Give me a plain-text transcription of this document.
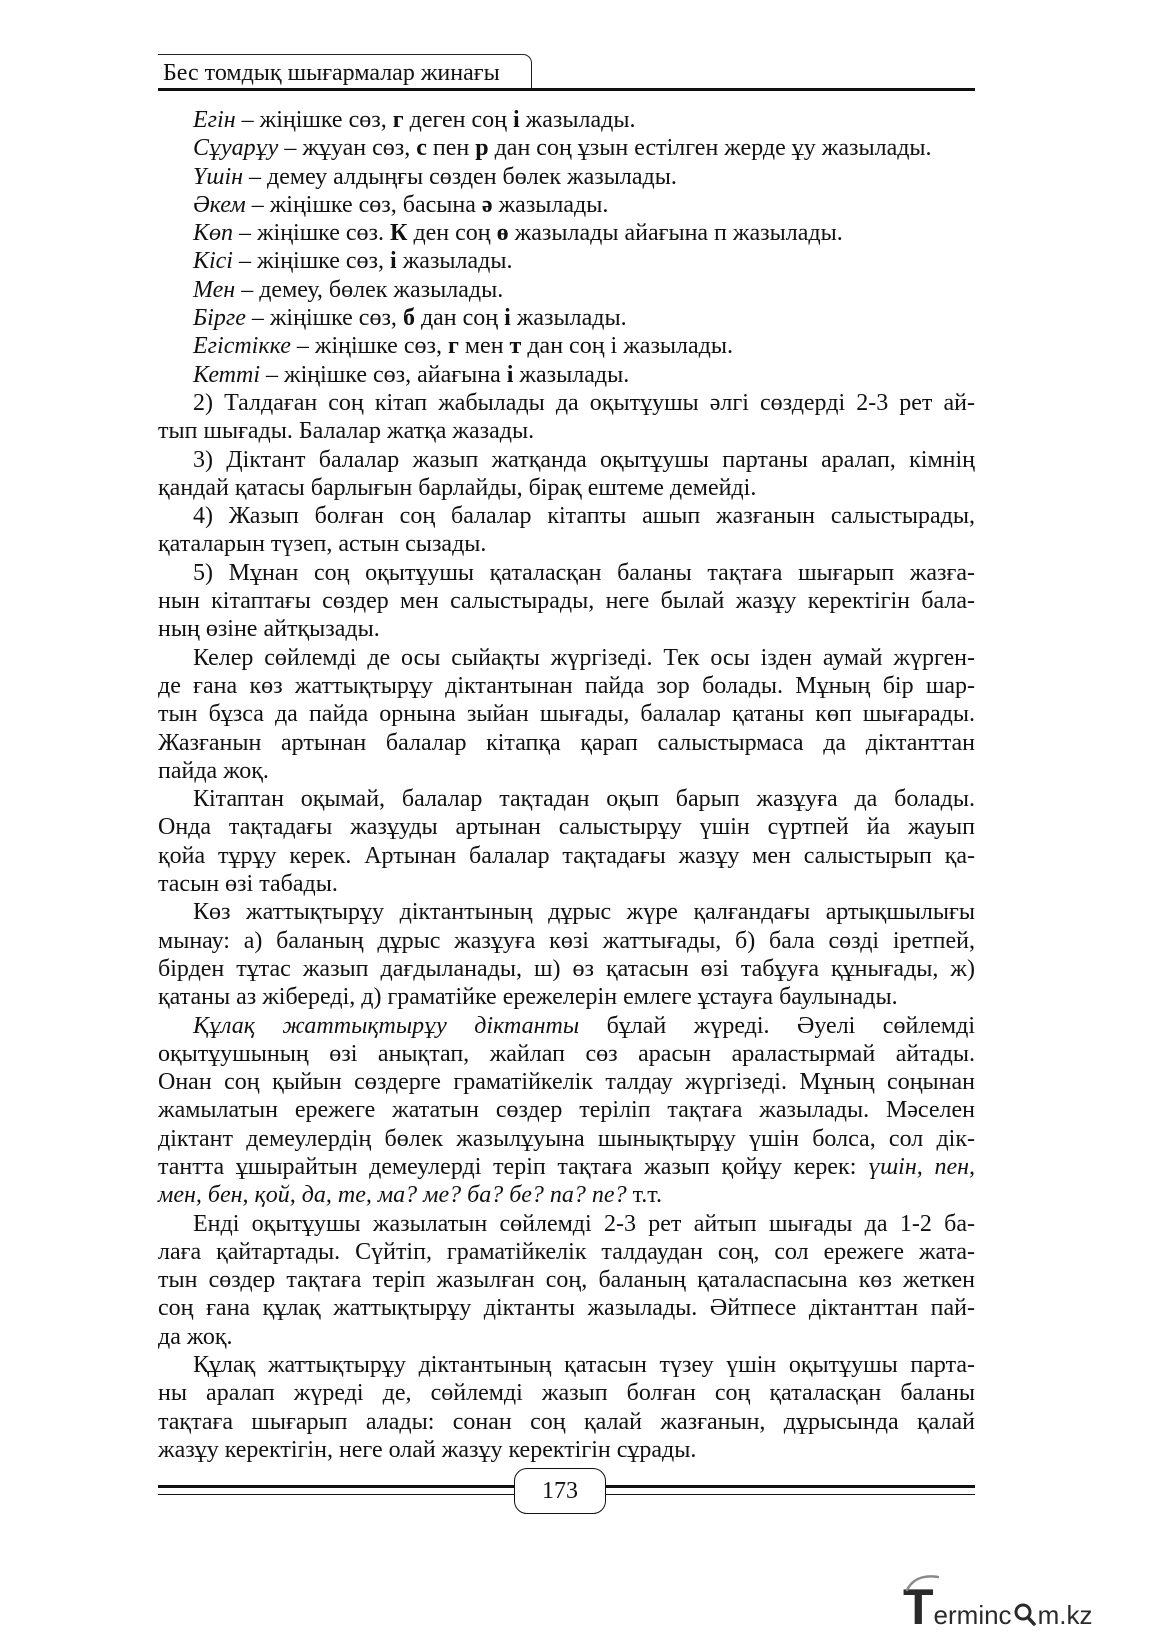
Бес томдық шығармалар жинағы
Егін – жіңішке сөз, г деген соң і жазылады.
Сұуарұу – жұуан сөз, с пен р дан соң ұзын естілген жерде ұу жазылады.
Үшін – демеу алдыңғы сөзден бөлек жазылады.
Әкем – жіңішке сөз, басына ә жазылады.
Көп – жіңішке сөз. К ден соң ө жазылады айағына п жазылады.
Кісі – жіңішке сөз, і жазылады.
Мен – демеу, бөлек жазылады.
Бірге – жіңішке сөз, б дан соң і жазылады.
Егістікке – жіңішке сөз, г мен т дан соң і жазылады.
Кетті – жіңішке сөз, айағына і жазылады.
2) Талдаған соң кітап жабылады да оқытұушы әлгі сөздерді 2-3 рет ай-
тып шығады. Балалар жатқа жазады.
3) Діктант балалар жазып жатқанда оқытұушы партаны аралап, кімнің
қандай қатасы барлығын барлайды, бірақ ештеме демейді.
4) Жазып болған соң балалар кітапты ашып жазғанын салыстырады,
қаталарын түзеп, астын сызады.
5) Мұнан соң оқытұушы қаталасқан баланы тақтаға шығарып жазға-
нын кітаптағы сөздер мен салыстырады, неге былай жазұу керектігін бала-
ның өзіне айтқызады.
Келер сөйлемді де осы сыйақты жүргізеді. Тек осы ізден аумай жүрген-
де ғана көз жаттықтырұу діктантынан пайда зор болады. Мұның бір шар-
тын бұзса да пайда орнына зыйан шығады, балалар қатаны көп шығарады.
Жазғанын артынан балалар кітапқа қарап салыстырмаса да діктанттан
пайда жоқ.
Кітаптан оқымай, балалар тақтадан оқып барып жазұуға да болады.
Онда тақтадағы жазұуды артынан салыстырұу үшін сүртпей йа жауып
қойа тұрұу керек. Артынан балалар тақтадағы жазұу мен салыстырып қа-
тасын өзі табады.
Көз жаттықтырұу діктантының дұрыс жүре қалғандағы артықшылығы
мынау: а) баланың дұрыс жазұуға көзі жаттығады, б) бала сөзді іретпей,
бірден тұтас жазып дағдыланады, ш) өз қатасын өзі табұуға құнығады, ж)
қатаны аз жібереді, д) граматійке ережелерін емлеге ұстауға баулынады.
Құлақ жаттықтырұу діктанты бұлай жүреді. Әуелі сөйлемді
оқытұушының өзі анықтап, жайлап сөз арасын араластырмай айтады.
Онан соң қыйын сөздерге граматійкелік талдау жүргізеді. Мұның соңынан
жамылатын ережеге жататын сөздер теріліп тақтаға жазылады. Мәселен
діктант демеулердің бөлек жазылұуына шынықтырұу үшін болса, сол дік-
тантта ұшырайтын демеулерді теріп тақтаға жазып қойұу керек: үшін, пен,
мен, бен, қой, да, те, ма? ме? ба? бе? па? пе? т.т.
Енді оқытұушы жазылатын сөйлемді 2-3 рет айтып шығады да 1-2 ба-
лаға қайтартады. Сүйтіп, граматійкелік талдаудан соң, сол ережеге жата-
тын сөздер тақтаға теріп жазылған соң, баланың қаталаспасына көз жеткен
соң ғана құлақ жаттықтырұу діктанты жазылады. Әйтпесе діктанттан пай-
да жоқ.
Құлақ жаттықтырұу діктантының қатасын түзеу үшін оқытұушы парта-
ны аралап жүреді де, сөйлемді жазып болған соң қаталасқан баланы
тақтаға шығарып алады: сонан соң қалай жазғанын, дұрысында қалай
жазұу керектігін, неге олай жазұу керектігін сұрады.
173
Terminc m.kz
